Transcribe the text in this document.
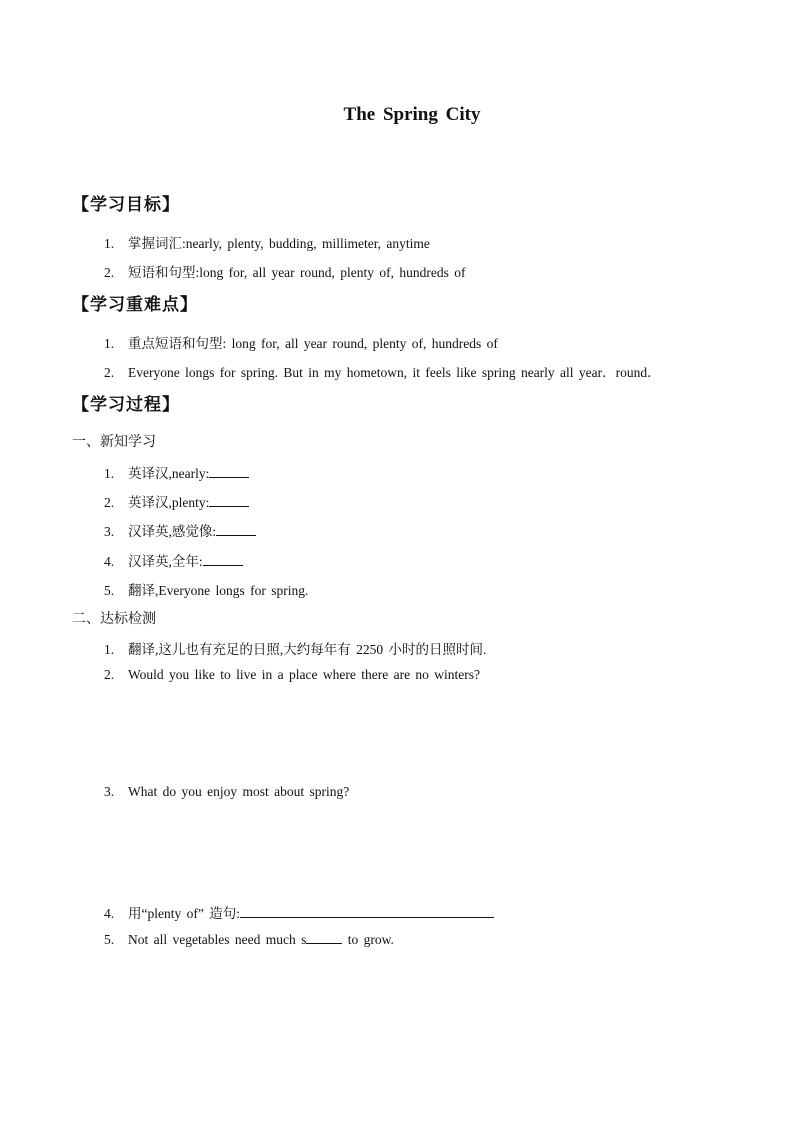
The Spring City
【学习目标】
1. 掌握词汇:nearly, plenty, budding, millimeter, anytime
2. 短语和句型:long for, all year round, plenty of, hundreds of
【学习重难点】
1. 重点短语和句型: long for, all year round, plenty of, hundreds of
2. Everyone longs for spring. But in my hometown, it feels like spring nearly all year．round．
【学习过程】
一、新知学习
1. 英译汉,nearly:
2. 英译汉,plenty:
3. 汉译英,感觉像:
4. 汉译英,全年:
5. 翻译,Everyone longs for spring.
二、达标检测
1. 翻译,这儿也有充足的日照,大约每年有 2250 小时的日照时间.
2. Would you like to live in a place where there are no winters?
3. What do you enjoy most about spring?
4. 用“plenty of” 造句:
5. Not all vegetables need much s	to grow.
